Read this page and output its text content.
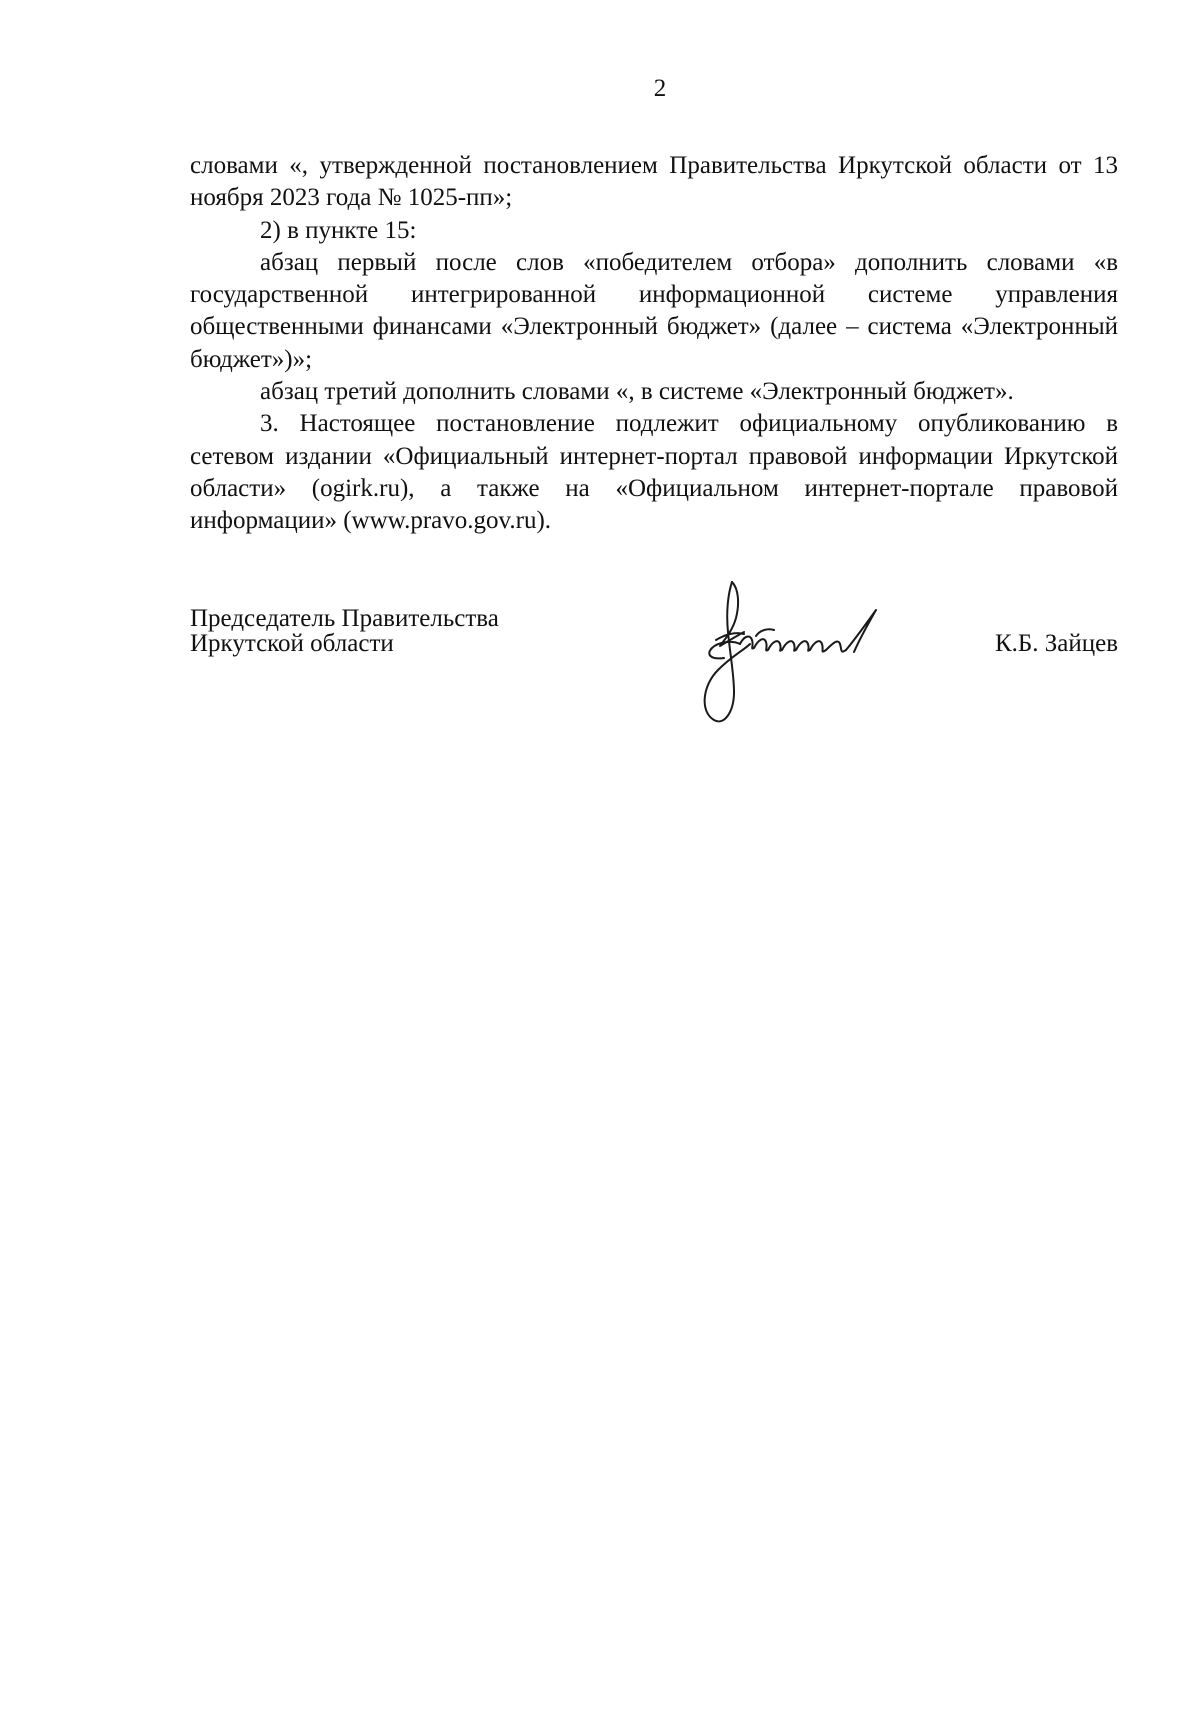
2

словами «, утвержденной постановлением Правительства Иркутской области от 13 ноября 2023 года № 1025-пп»;

2) в пункте 15:

абзац первый после слов «победителем отбора» дополнить словами «в государственной интегрированной информационной системе управления общественными финансами «Электронный бюджет» (далее – система «Электронный бюджет»)»;

абзац третий дополнить словами «, в системе «Электронный бюджет».

3. Настоящее постановление подлежит официальному опубликованию в сетевом издании «Официальный интернет-портал правовой информации Иркутской области» (ogirk.ru), а также на «Официальном интернет-портале правовой информации» (www.pravo.gov.ru).

Председатель Правительства
Иркутской области	К.Б. Зайцев
